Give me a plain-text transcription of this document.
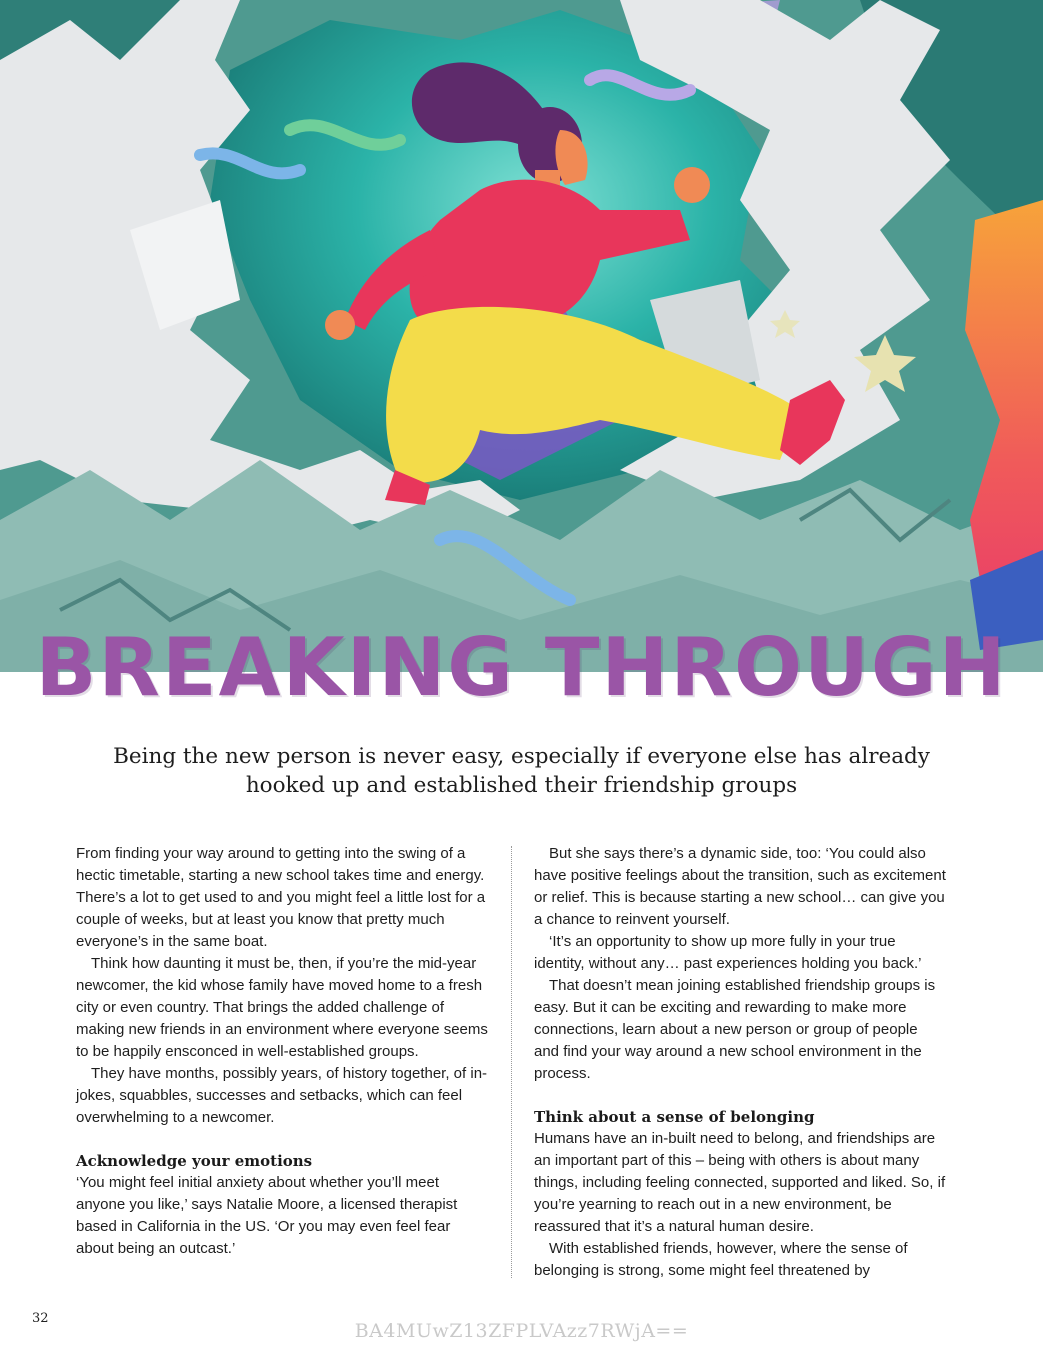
BREAKING THROUGH

Being the new person is never easy, especially if everyone else has already hooked up and established their friendship groups

From finding your way around to getting into the swing of a hectic timetable, starting a new school takes time and energy. There’s a lot to get used to and you might feel a little lost for a couple of weeks, but at least you know that pretty much everyone’s in the same boat.

Think how daunting it must be, then, if you’re the mid-year newcomer, the kid whose family have moved home to a fresh city or even country. That brings the added challenge of making new friends in an environment where everyone seems to be happily ensconced in well-established groups.

They have months, possibly years, of history together, of in-jokes, squabbles, successes and setbacks, which can feel overwhelming to a newcomer.

Acknowledge your emotions

‘You might feel initial anxiety about whether you’ll meet anyone you like,’ says Natalie Moore, a licensed therapist based in California in the US. ‘Or you may even feel fear about being an outcast.’

But she says there’s a dynamic side, too: ‘You could also have positive feelings about the transition, such as excitement or relief. This is because starting a new school… can give you a chance to reinvent yourself.

‘It’s an opportunity to show up more fully in your true identity, without any… past experiences holding you back.’

That doesn’t mean joining established friendship groups is easy. But it can be exciting and rewarding to make more connections, learn about a new person or group of people and find your way around a new school environment in the process.

Think about a sense of belonging

Humans have an in-built need to belong, and friendships are an important part of this – being with others is about many things, including feeling connected, supported and liked. So, if you’re yearning to reach out in a new environment, be reassured that it’s a natural human desire.

With established friends, however, where the sense of belonging is strong, some might feel threatened by

32
BA4MUwZ13ZFPLVAzz7RWjA==
